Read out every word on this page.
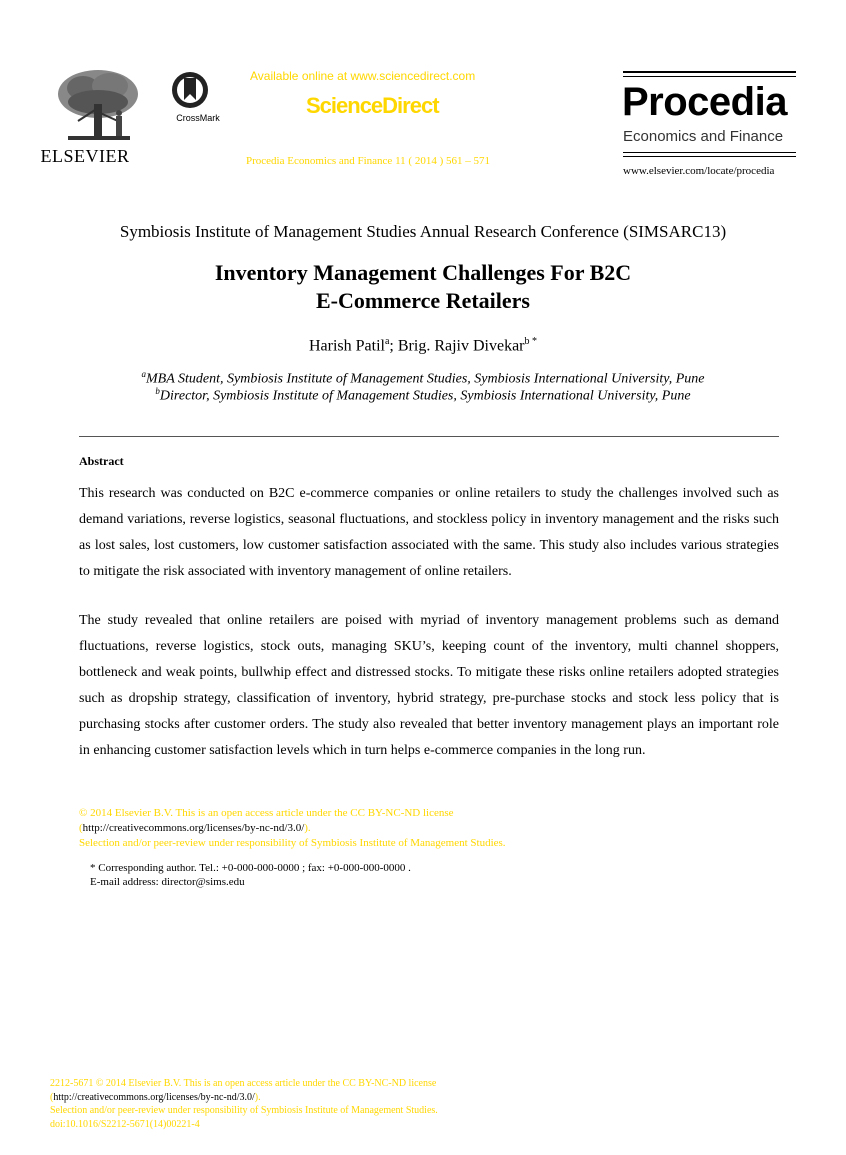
ELSEVIER
CrossMark
Available online at www.sciencedirect.com
ScienceDirect
Procedia Economics and Finance 11 ( 2014 ) 561 – 571
Procedia
Economics and Finance
www.elsevier.com/locate/procedia
Symbiosis Institute of Management Studies Annual Research Conference (SIMSARC13)
Inventory Management Challenges For B2C
E-Commerce Retailers
Harish Patil$^a$; Brig. Rajiv Divekar$^{b *}$
$^a$MBA Student, Symbiosis Institute of Management Studies, Symbiosis International University, Pune
$^b$Director, Symbiosis Institute of Management Studies, Symbiosis International University, Pune
Abstract
This research was conducted on B2C e-commerce companies or online retailers to study the challenges involved such as demand variations, reverse logistics, seasonal fluctuations, and stockless policy in inventory management and the risks such as lost sales, lost customers, low customer satisfaction associated with the same. This study also includes various strategies to mitigate the risk associated with inventory management of online retailers.
The study revealed that online retailers are poised with myriad of inventory management problems such as demand fluctuations, reverse logistics, stock outs, managing SKU’s, keeping count of the inventory, multi channel shoppers, bottleneck and weak points, bullwhip effect and distressed stocks. To mitigate these risks online retailers adopted strategies such as dropship strategy, classification of inventory, hybrid strategy, pre-purchase stocks and stock less policy that is purchasing stocks after customer orders. The study also revealed that better inventory management plays an important role in enhancing customer satisfaction levels which in turn helps e-commerce companies in the long run.
© 2014 Elsevier B.V. This is an open access article under the CC BY-NC-ND license
(http://creativecommons.org/licenses/by-nc-nd/3.0/).
Selection and/or peer-review under responsibility of Symbiosis Institute of Management Studies.
* Corresponding author. Tel.: +0-000-000-0000 ; fax: +0-000-000-0000 .
E-mail address: director@sims.edu
2212-5671 © 2014 Elsevier B.V. This is an open access article under the CC BY-NC-ND license
(http://creativecommons.org/licenses/by-nc-nd/3.0/).
Selection and/or peer-review under responsibility of Symbiosis Institute of Management Studies.
doi:10.1016/S2212-5671(14)00221-4
